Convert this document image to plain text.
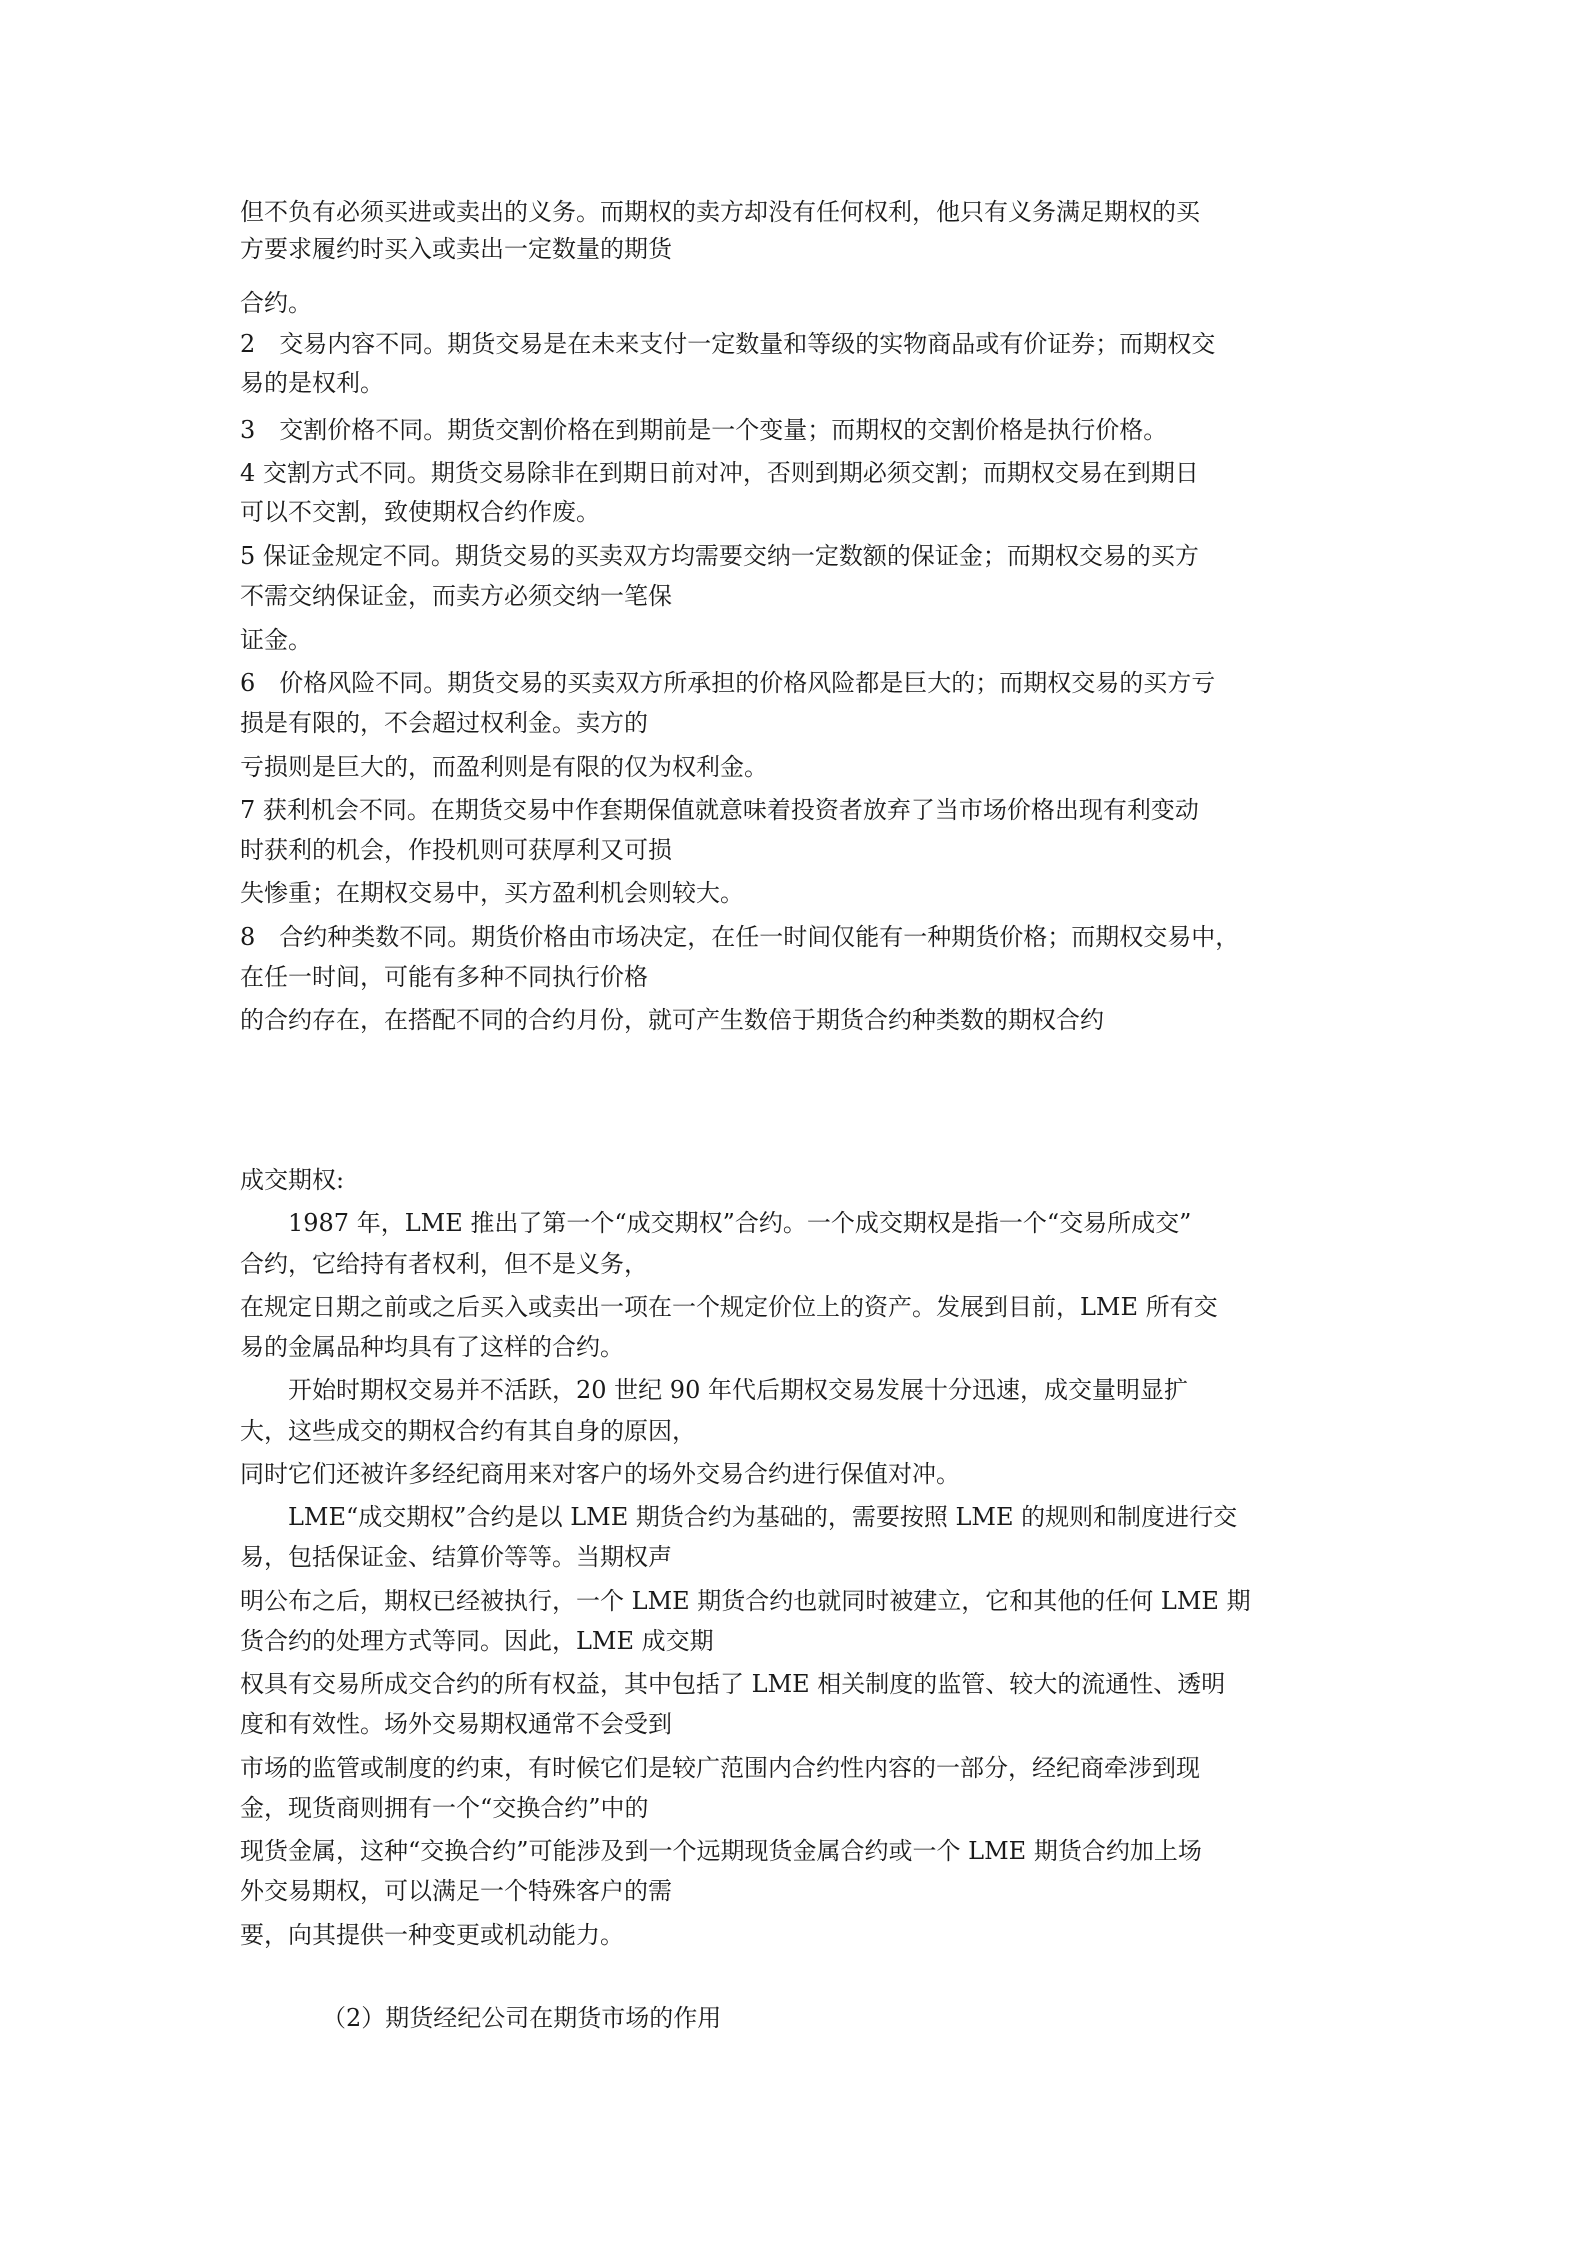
但不负有必须买进或卖出的义务。而期权的卖方却没有任何权利，他只有义务满足期权的买
方要求履约时买入或卖出一定数量的期货
合约。
2　交易内容不同。期货交易是在未来支付一定数量和等级的实物商品或有价证券；而期权交
易的是权利。
3　交割价格不同。期货交割价格在到期前是一个变量；而期权的交割价格是执行价格。
4 交割方式不同。期货交易除非在到期日前对冲，否则到期必须交割；而期权交易在到期日
可以不交割，致使期权合约作废。
5 保证金规定不同。期货交易的买卖双方均需要交纳一定数额的保证金；而期权交易的买方
不需交纳保证金，而卖方必须交纳一笔保
证金。
6　价格风险不同。期货交易的买卖双方所承担的价格风险都是巨大的；而期权交易的买方亏
损是有限的，不会超过权利金。卖方的
亏损则是巨大的，而盈利则是有限的仅为权利金。
7 获利机会不同。在期货交易中作套期保值就意味着投资者放弃了当市场价格出现有利变动
时获利的机会，作投机则可获厚利又可损
失惨重；在期权交易中，买方盈利机会则较大。
8　合约种类数不同。期货价格由市场决定，在任一时间仅能有一种期货价格；而期权交易中，
在任一时间，可能有多种不同执行价格
的合约存在，在搭配不同的合约月份，就可产生数倍于期货合约种类数的期权合约
成交期权:
　　1987 年，LME 推出了第一个“成交期权”合约。一个成交期权是指一个“交易所成交”
合约，它给持有者权利，但不是义务，
在规定日期之前或之后买入或卖出一项在一个规定价位上的资产。发展到目前，LME 所有交
易的金属品种均具有了这样的合约。
　　开始时期权交易并不活跃，20 世纪 90 年代后期权交易发展十分迅速，成交量明显扩
大，这些成交的期权合约有其自身的原因，
同时它们还被许多经纪商用来对客户的场外交易合约进行保值对冲。
　　LME“成交期权”合约是以 LME 期货合约为基础的，需要按照 LME 的规则和制度进行交
易，包括保证金、结算价等等。当期权声
明公布之后，期权已经被执行，一个 LME 期货合约也就同时被建立，它和其他的任何 LME 期
货合约的处理方式等同。因此，LME 成交期
权具有交易所成交合约的所有权益，其中包括了 LME 相关制度的监管、较大的流通性、透明
度和有效性。场外交易期权通常不会受到
市场的监管或制度的约束，有时候它们是较广范围内合约性内容的一部分，经纪商牵涉到现
金，现货商则拥有一个“交换合约”中的
现货金属，这种“交换合约”可能涉及到一个远期现货金属合约或一个 LME 期货合约加上场
外交易期权，可以满足一个特殊客户的需
要，向其提供一种变更或机动能力。
（2）期货经纪公司在期货市场的作用
